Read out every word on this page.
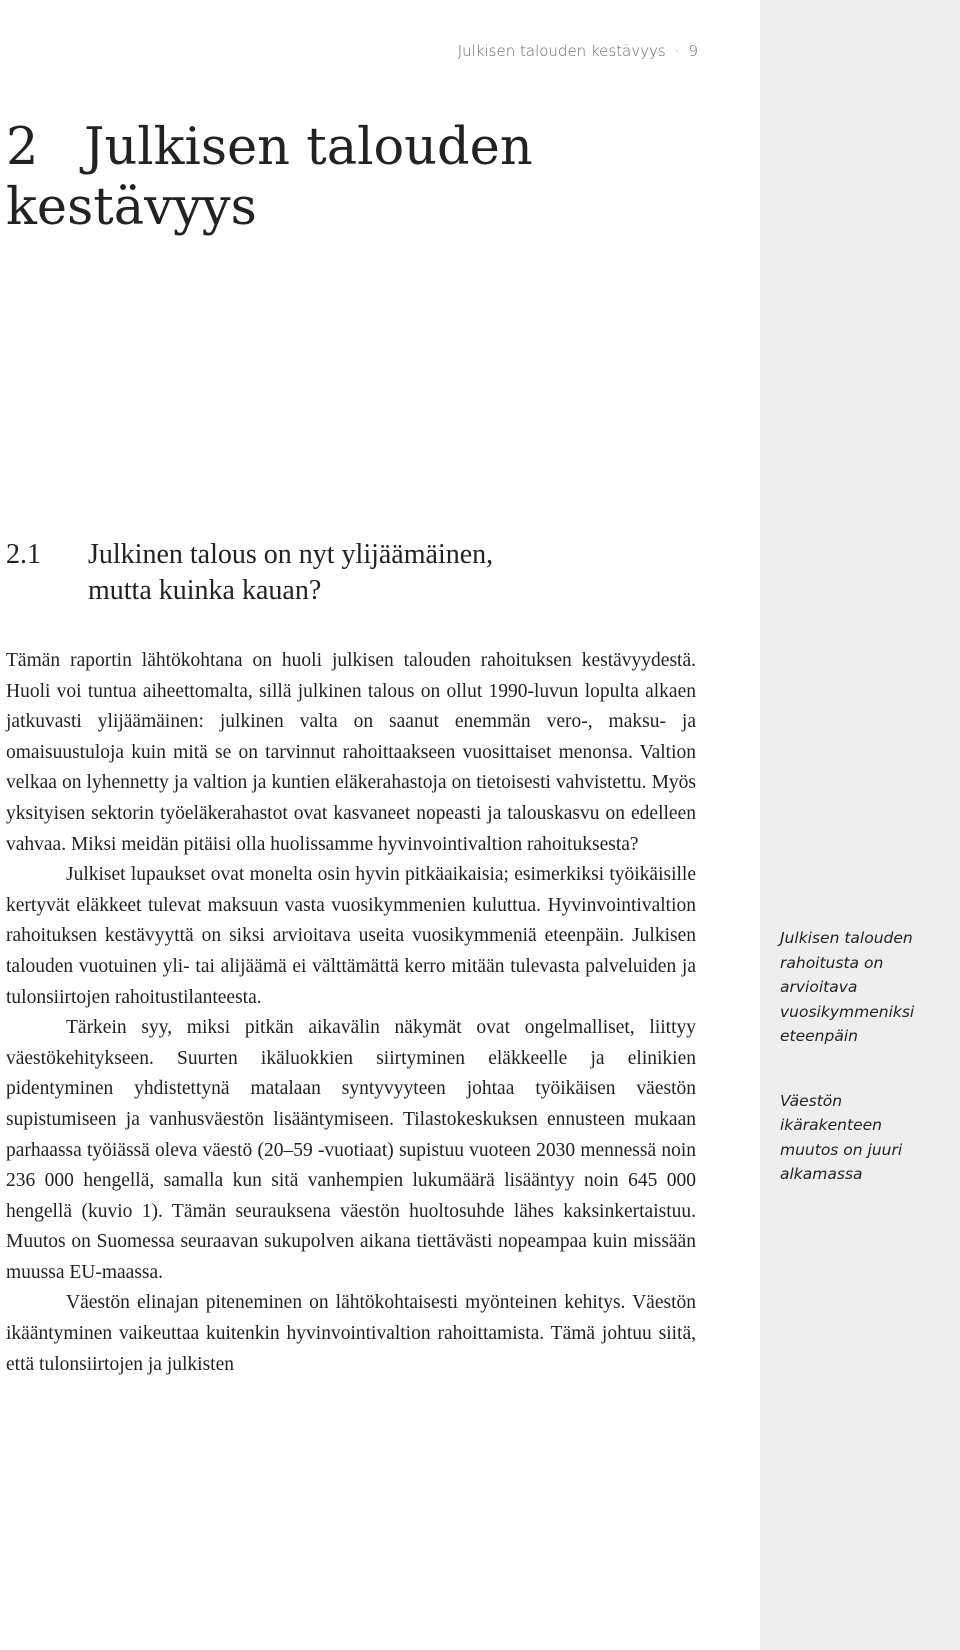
Julkisen talouden kestävyys · 9
2 Julkisen talouden kestävyys
2.1	Julkinen talous on nyt ylijäämäinen,
mutta kuinka kauan?

Tämän raportin lähtökohtana on huoli julkisen talouden rahoituksen kestävyydestä. Huoli voi tuntua aiheettomalta, sillä julkinen talous on ollut 1990-luvun lopulta alkaen jatkuvasti ylijäämäinen: julkinen valta on saanut enemmän vero-, maksu- ja omaisuustuloja kuin mitä se on tarvinnut rahoittaakseen vuosittaiset menonsa. Valtion velkaa on lyhennetty ja valtion ja kuntien eläkerahastoja on tietoisesti vahvistettu. Myös yksityisen sektorin työeläkerahastot ovat kasvaneet nopeasti ja talouskasvu on edelleen vahvaa. Miksi meidän pitäisi olla huolissamme hyvinvointivaltion rahoituksesta?

Julkiset lupaukset ovat monelta osin hyvin pitkäaikaisia; esimerkiksi työikäisille kertyvät eläkkeet tulevat maksuun vasta vuosikymmenien kuluttua. Hyvinvointivaltion rahoituksen kestävyyttä on siksi arvioitava useita vuosikymmeniä eteenpäin. Julkisen talouden vuotuinen yli- tai alijäämä ei välttämättä kerro mitään tulevasta palveluiden ja tulonsiirtojen rahoitustilanteesta.

Tärkein syy, miksi pitkän aikavälin näkymät ovat ongelmalliset, liittyy väestökehitykseen. Suurten ikäluokkien siirtyminen eläkkeelle ja elinikien pidentyminen yhdistettynä matalaan syntyvyyteen johtaa työikäisen väestön supistumiseen ja vanhusväestön lisääntymiseen. Tilastokeskuksen ennusteen mukaan parhaassa työiässä oleva väestö (20–59 -vuotiaat) supistuu vuoteen 2030 mennessä noin 236 000 hengellä, samalla kun sitä vanhempien lukumäärä lisääntyy noin 645 000 hengellä (kuvio 1). Tämän seurauksena väestön huoltosuhde lähes kaksinkertaistuu. Muutos on Suomessa seuraavan sukupolven aikana tiettävästi nopeampaa kuin missään muussa EU-maassa.

Väestön elinajan piteneminen on lähtökohtaisesti myönteinen kehitys. Väestön ikääntyminen vaikeuttaa kuitenkin hyvinvointivaltion rahoittamista. Tämä johtuu siitä, että tulonsiirtojen ja julkisten

Julkisen talouden rahoitusta on arvioitava vuosikymmeniksi eteenpäin

Väestön ikärakenteen muutos on juuri alkamassa
